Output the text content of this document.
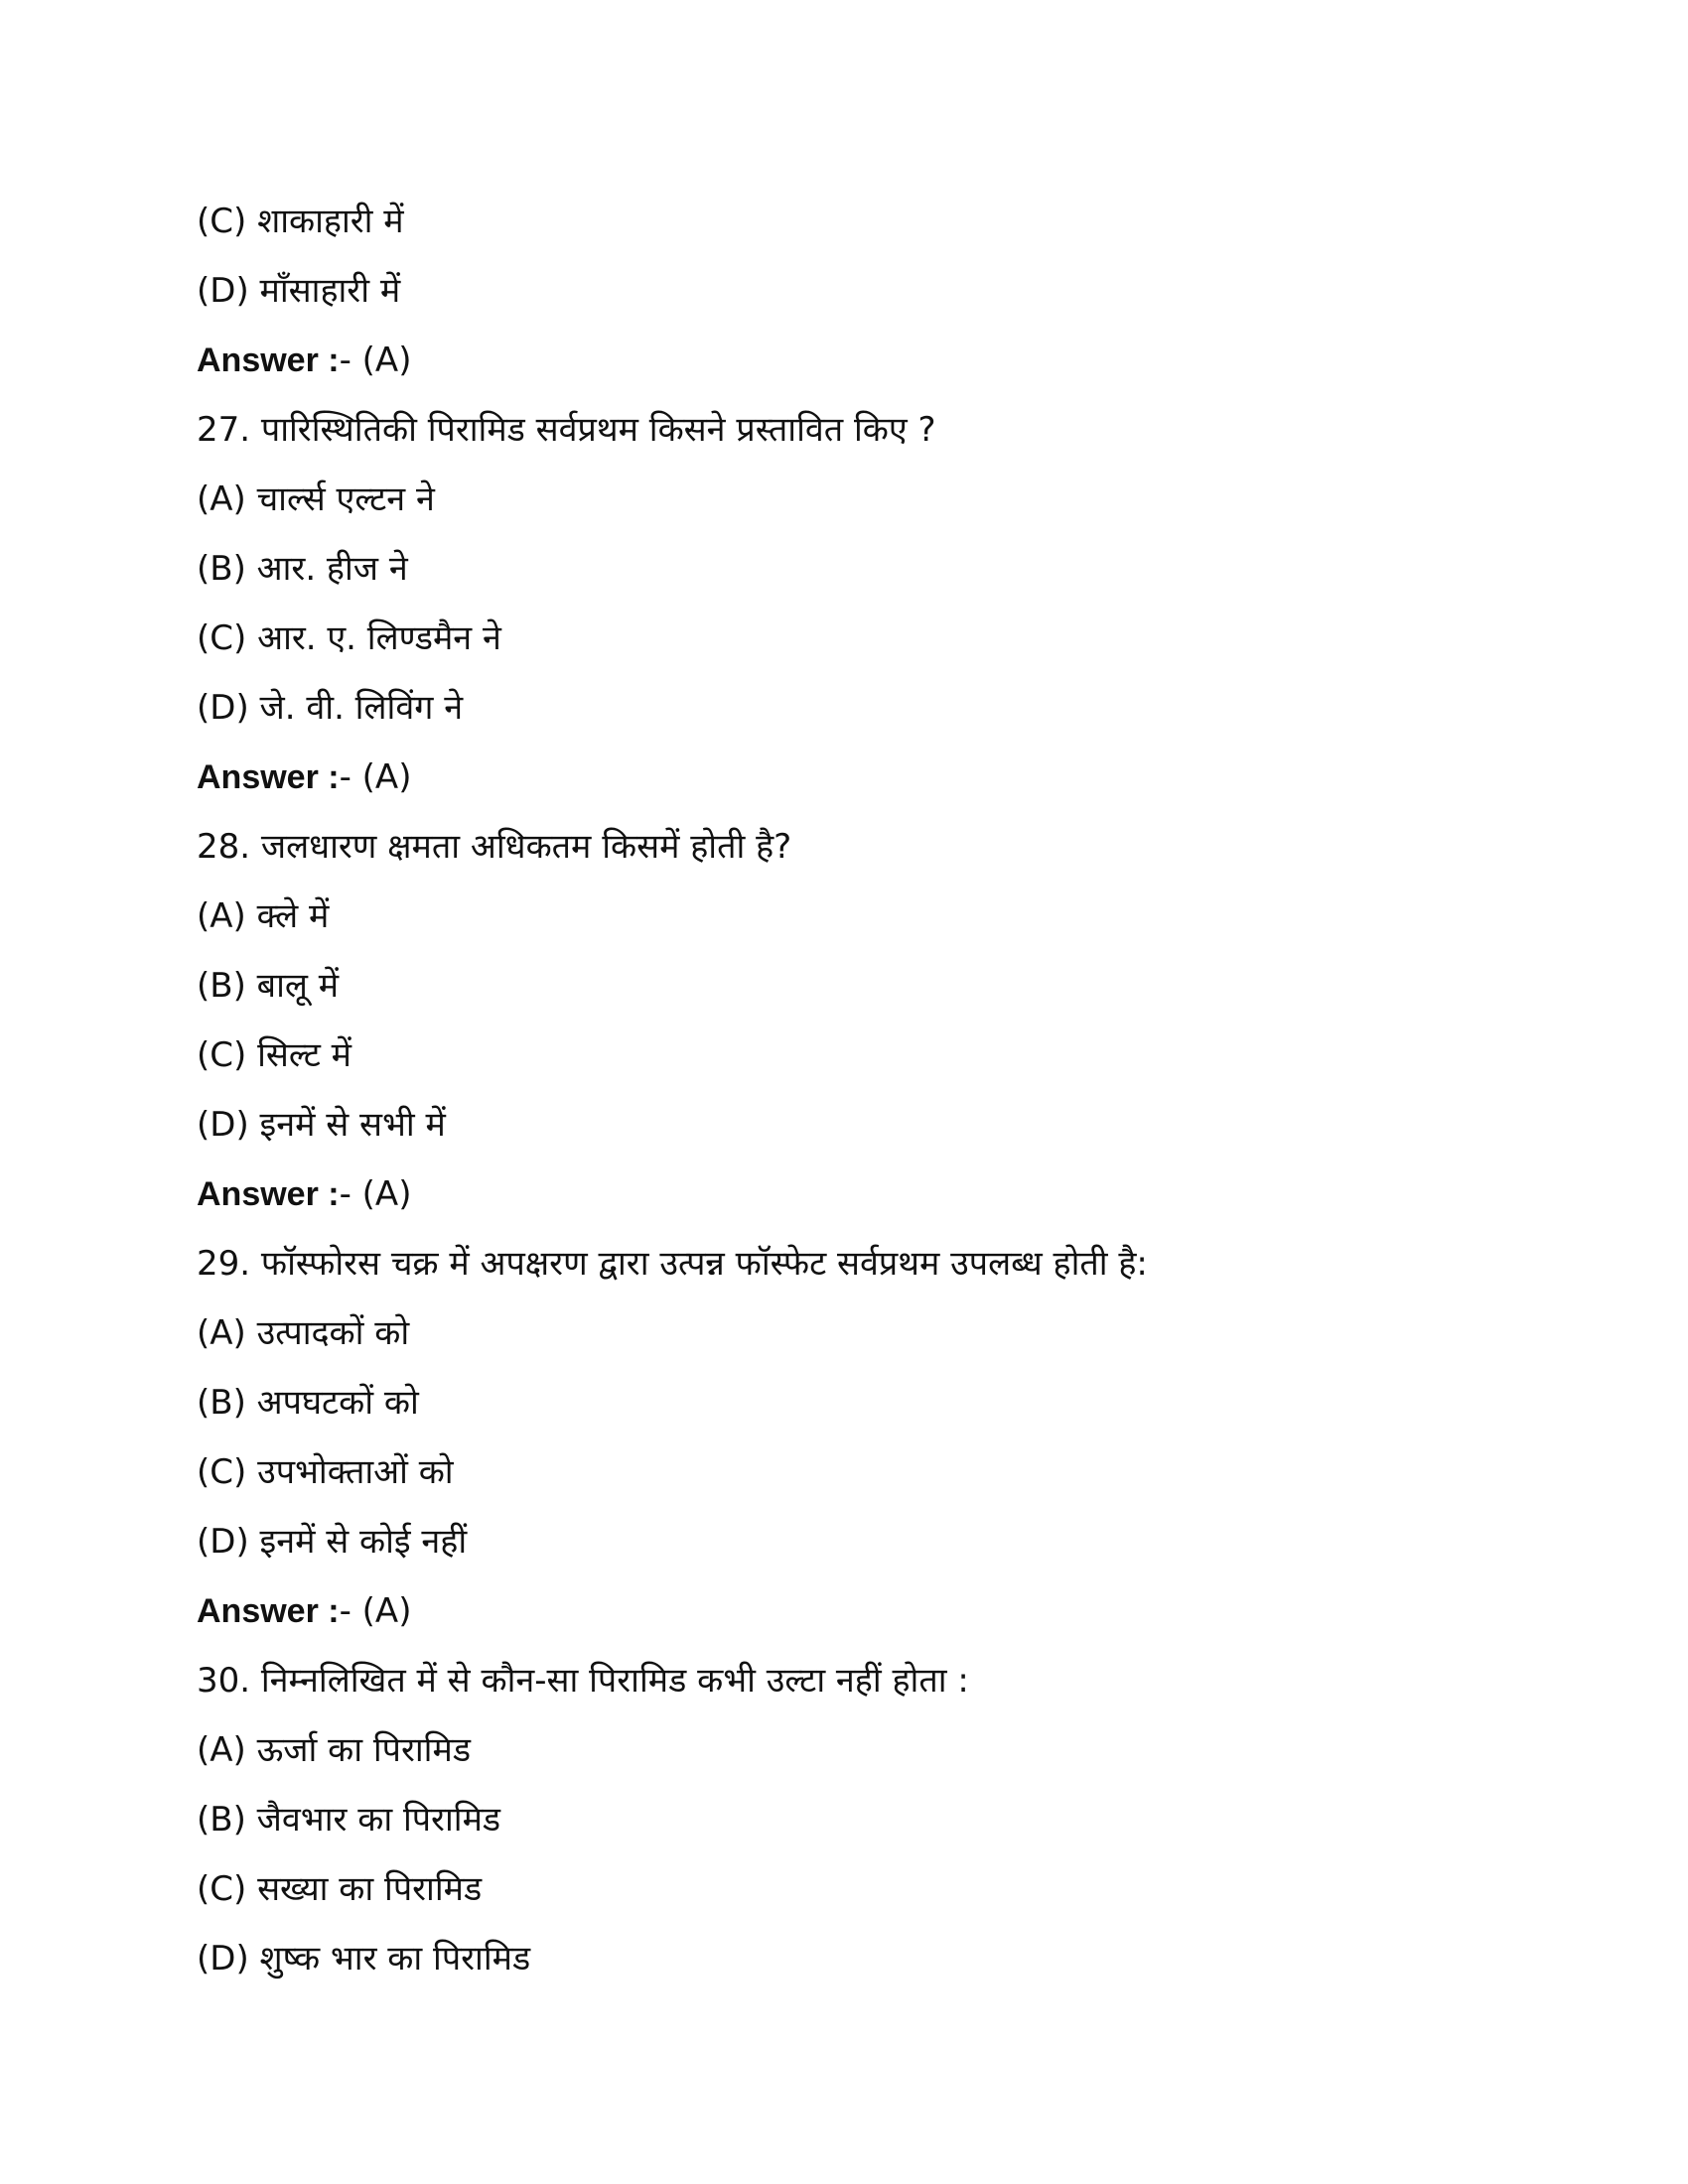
(C) शाकाहारी में

(D) माँसाहारी में

Answer :- (A)

27. पारिस्थितिकी पिरामिड सर्वप्रथम किसने प्रस्तावित किए ?

(A) चार्ल्स एल्टन ने

(B) आर. हीज ने

(C) आर. ए. लिण्डमैन ने

(D) जे. वी. लिविंग ने

Answer :- (A)

28. जलधारण क्षमता अधिकतम किसमें होती है?

(A) क्ले में

(B) बालू में

(C) सिल्ट में

(D) इनमें से सभी में

Answer :- (A)

29. फॉस्फोरस चक्र में अपक्षरण द्वारा उत्पन्न फॉस्फेट सर्वप्रथम उपलब्ध होती है:

(A) उत्पादकों को

(B) अपघटकों को

(C) उपभोक्ताओं को

(D) इनमें से कोई नहीं

Answer :- (A)

30. निम्नलिखित में से कौन-सा पिरामिड कभी उल्टा नहीं होता :

(A) ऊर्जा का पिरामिड

(B) जैवभार का पिरामिड

(C) सख्या का पिरामिड

(D) शुष्क भार का पिरामिड
